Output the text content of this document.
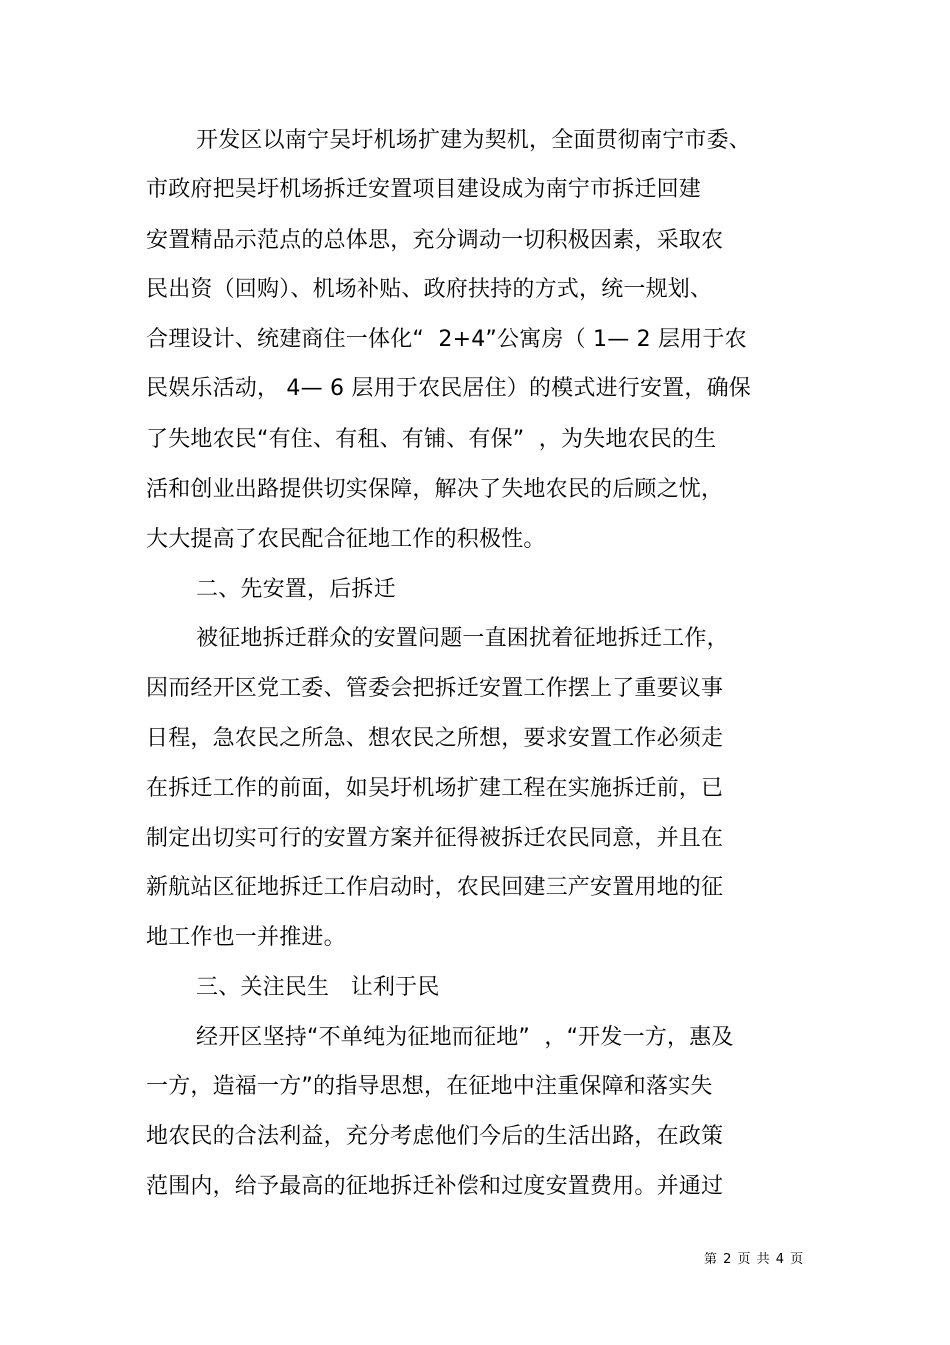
开发区以南宁吴圩机场扩建为契机，全面贯彻南宁市委、
市政府把吴圩机场拆迁安置项目建设成为南宁市拆迁回建
安置精品示范点的总体思，充分调动一切积极因素，采取农
民出资（回购）、机场补贴、政府扶持的方式，统一规划、
合理设计、统建商住一体化“  2+4”公寓房（ 1— 2 层用于农
民娱乐活动， 4— 6 层用于农民居住）的模式进行安置，确保
了失地农民“有住、有租、有铺、有保”  ，为失地农民的生
活和创业出路提供切实保障，解决了失地农民的后顾之忧，
大大提高了农民配合征地工作的积极性。
二、先安置，后拆迁
被征地拆迁群众的安置问题一直困扰着征地拆迁工作，
因而经开区党工委、管委会把拆迁安置工作摆上了重要议事
日程，急农民之所急、想农民之所想，要求安置工作必须走
在拆迁工作的前面，如吴圩机场扩建工程在实施拆迁前，已
制定出切实可行的安置方案并征得被拆迁农民同意，并且在
新航站区征地拆迁工作启动时，农民回建三产安置用地的征
地工作也一并推进。
三、关注民生   让利于民
经开区坚持“不单纯为征地而征地”  ，“开发一方，惠及
一方，造福一方”的指导思想，在征地中注重保障和落实失
地农民的合法利益，充分考虑他们今后的生活出路，在政策
范围内，给予最高的征地拆迁补偿和过度安置费用。并通过
第 2 页 共 4 页
